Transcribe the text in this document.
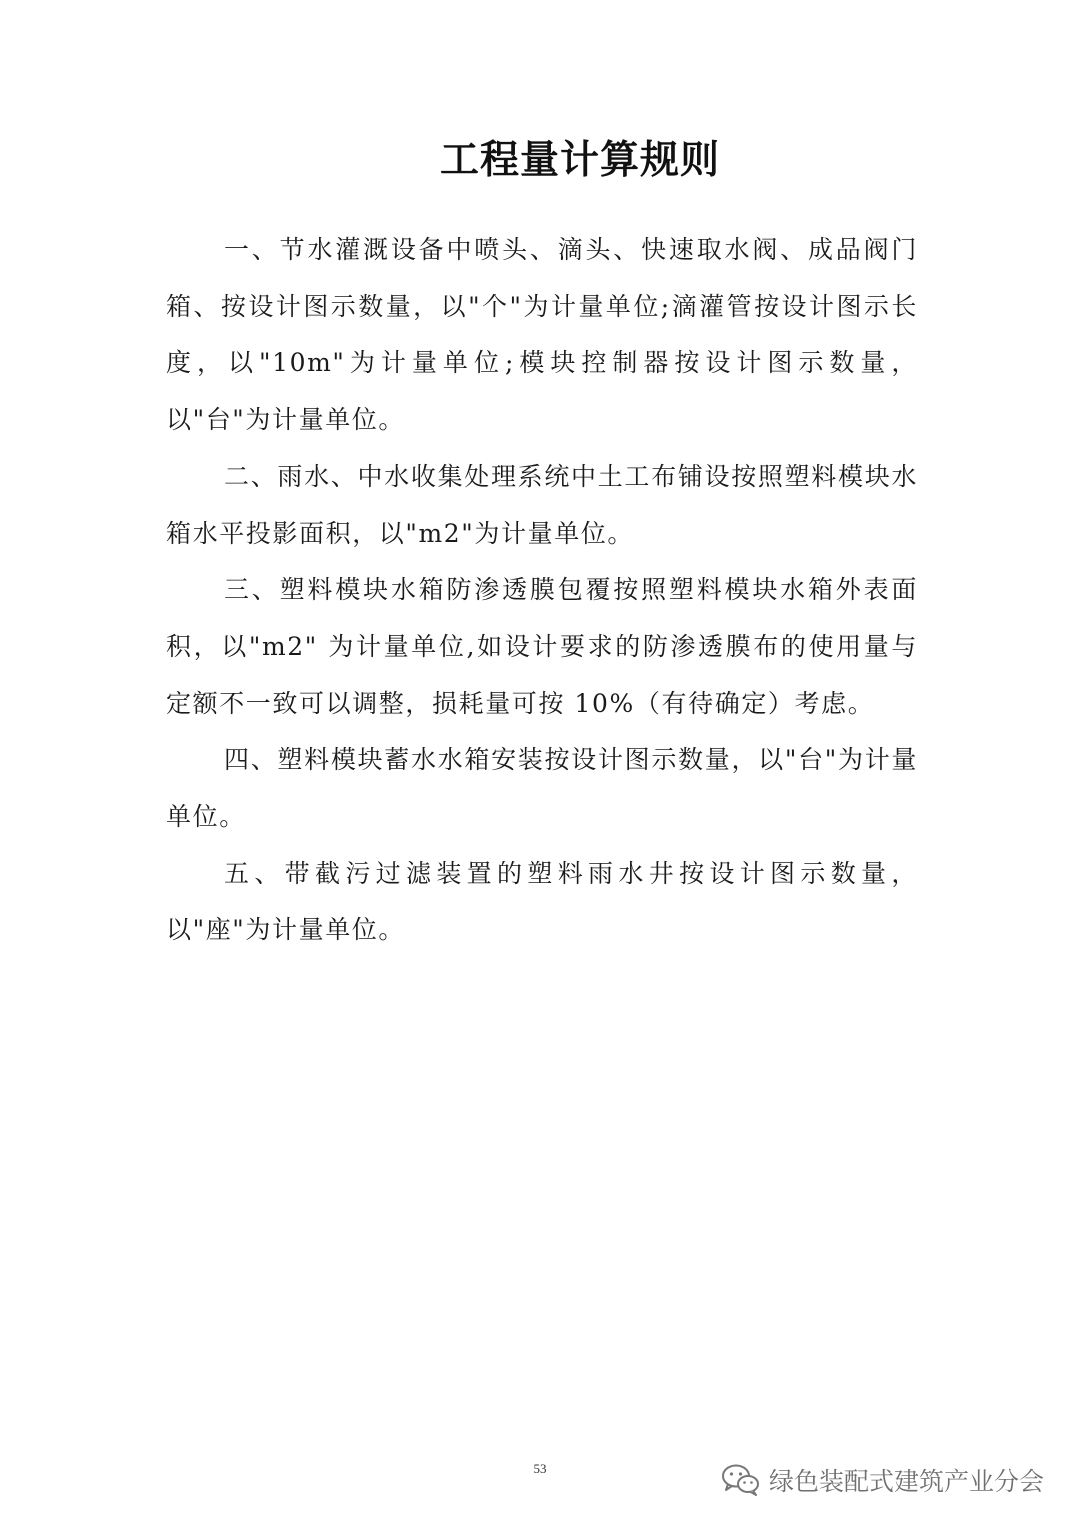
工程量计算规则

一、节水灌溉设备中喷头、滴头、快速取水阀、成品阀门箱、按设计图示数量，以"个"为计量单位;滴灌管按设计图示长度，以"10m"为计量单位;模块控制器按设计图示数量，以"台"为计量单位。

二、雨水、中水收集处理系统中土工布铺设按照塑料模块水箱水平投影面积，以"m2"为计量单位。

三、塑料模块水箱防渗透膜包覆按照塑料模块水箱外表面积，以"m2" 为计量单位,如设计要求的防渗透膜布的使用量与定额不一致可以调整，损耗量可按 10%（有待确定）考虑。

四、塑料模块蓄水水箱安装按设计图示数量，以"台"为计量单位。

五、带截污过滤装置的塑料雨水井按设计图示数量，以"座"为计量单位。

53	绿色装配式建筑产业分会
